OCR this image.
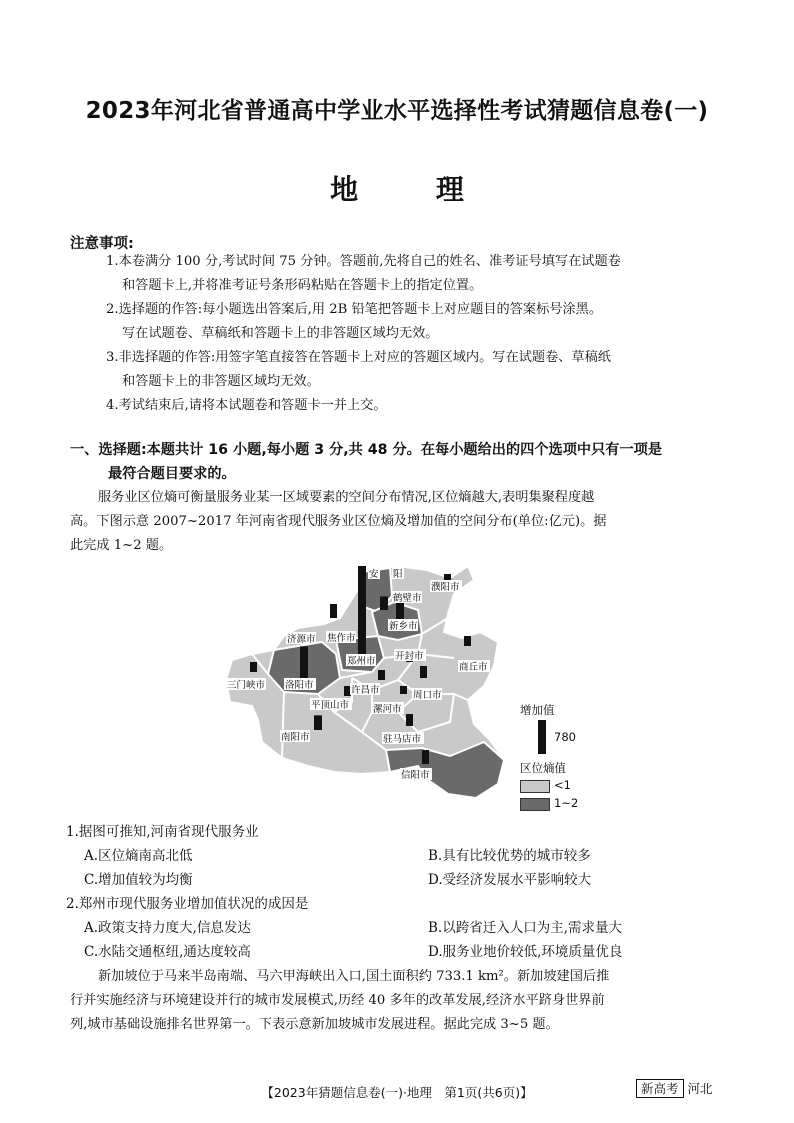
2023年河北省普通高中学业水平选择性考试猜题信息卷(一)
地 理
注意事项:
1.本卷满分 100 分,考试时间 75 分钟。答题前,先将自己的姓名、准考证号填写在试题卷
和答题卡上,并将准考证号条形码粘贴在答题卡上的指定位置。
2.选择题的作答:每小题选出答案后,用 2B 铅笔把答题卡上对应题目的答案标号涂黑。
写在试题卷、草稿纸和答题卡上的非答题区域均无效。
3.非选择题的作答:用签字笔直接答在答题卡上对应的答题区域内。写在试题卷、草稿纸
和答题卡上的非答题区域均无效。
4.考试结束后,请将本试题卷和答题卡一并上交。
一、选择题:本题共计 16 小题,每小题 3 分,共 48 分。在每小题给出的四个选项中只有一项是
最符合题目要求的。
服务业区位熵可衡量服务业某一区域要素的空间分布情况,区位熵越大,表明集聚程度越
高。下图示意 2007~2017 年河南省现代服务业区位熵及增加值的空间分布(单位:亿元)。据
此完成 1~2 题。
安 阳
鹤壁市
濮阳市
新乡市
济源市 焦作市
郑州市 开封市
商丘市
三门峡市 洛阳市	许昌市
平顶山市	漯河市
周口市
南阳市	驻马店市
信阳市
增加值
780
区位熵值
<1
1~2
1.据图可推知,河南省现代服务业
A.区位熵南高北低	B.具有比较优势的城市较多
C.增加值较为均衡	D.受经济发展水平影响较大
2.郑州市现代服务业增加值状况的成因是
A.政策支持力度大,信息发达	B.以跨省迁入人口为主,需求量大
C.水陆交通枢纽,通达度较高	D.服务业地价较低,环境质量优良
新加坡位于马来半岛南端、马六甲海峡出入口,国土面积约 733.1 km²。新加坡建国后推
行并实施经济与环境建设并行的城市发展模式,历经 40 多年的改革发展,经济水平跻身世界前
列,城市基础设施排名世界第一。下表示意新加坡城市发展进程。据此完成 3~5 题。
【2023年猜题信息卷(一)·地理　第1页(共6页)】	新高考 河北
